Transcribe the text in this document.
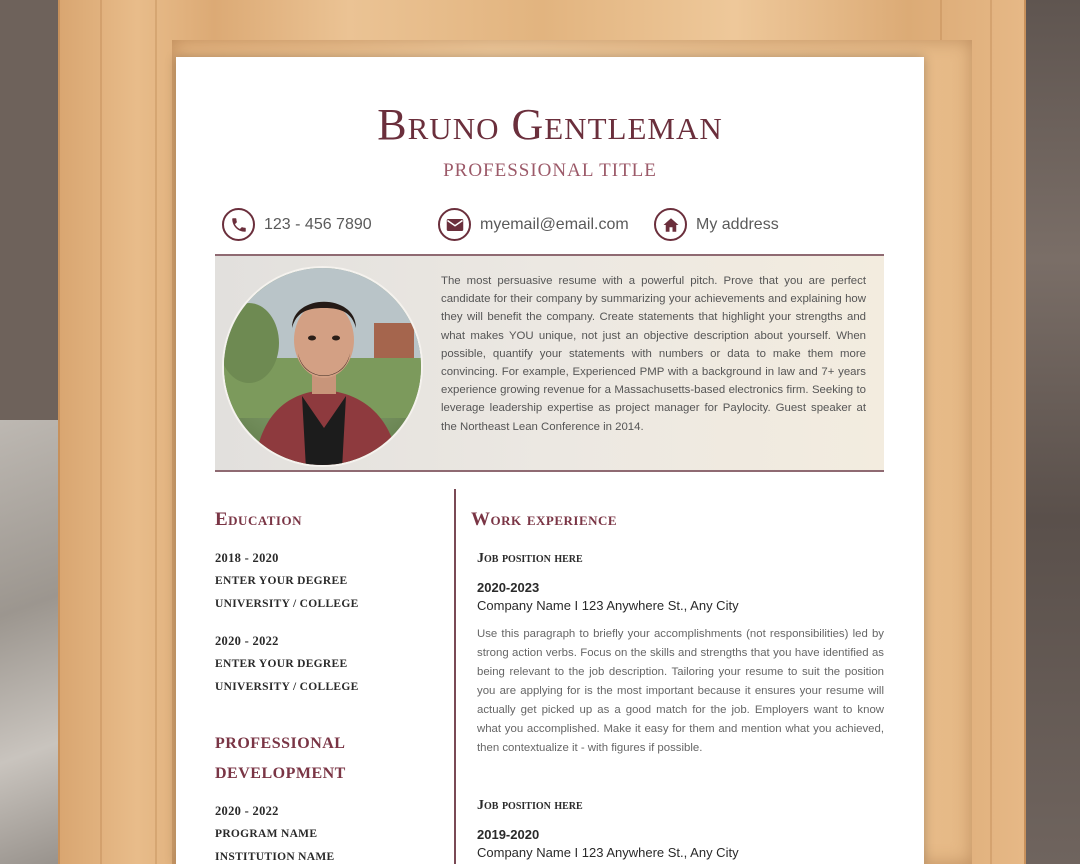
Bruno Gentleman
PROFESSIONAL TITLE
123 - 456 7890	myemail@email.com	My address
The most persuasive resume with a powerful pitch. Prove that you are perfect candidate for their company by summarizing your achievements and explaining how they will benefit the company. Create statements that highlight your strengths and what makes YOU unique, not just an objective description about yourself. When possible, quantify your statements with numbers or data to make them more convincing. For example, Experienced PMP with a background in law and 7+ years experience growing revenue for a Massachusetts-based electronics firm. Seeking to leverage leadership expertise as project manager for Paylocity. Guest speaker at the Northeast Lean Conference in 2014.
Education
2018 - 2020
ENTER YOUR DEGREE
UNIVERSITY / COLLEGE
2020 - 2022
ENTER YOUR DEGREE
UNIVERSITY / COLLEGE
PROFESSIONAL
DEVELOPMENT
2020 - 2022
PROGRAM NAME
INSTITUTION NAME
Work experience
Job position here
2020-2023
Company Name I 123 Anywhere St., Any City
Use this paragraph to briefly your accomplishments (not responsibilities) led by strong action verbs. Focus on the skills and strengths that you have identified as being relevant to the job description. Tailoring your resume to suit the position you are applying for is the most important because it ensures your resume will actually get picked up as a good match for the job. Employers want to know what you accomplished. Make it easy for them and mention what you achieved, then contextualize it - with figures if possible.
Job position here
2019-2020
Company Name I 123 Anywhere St., Any City
